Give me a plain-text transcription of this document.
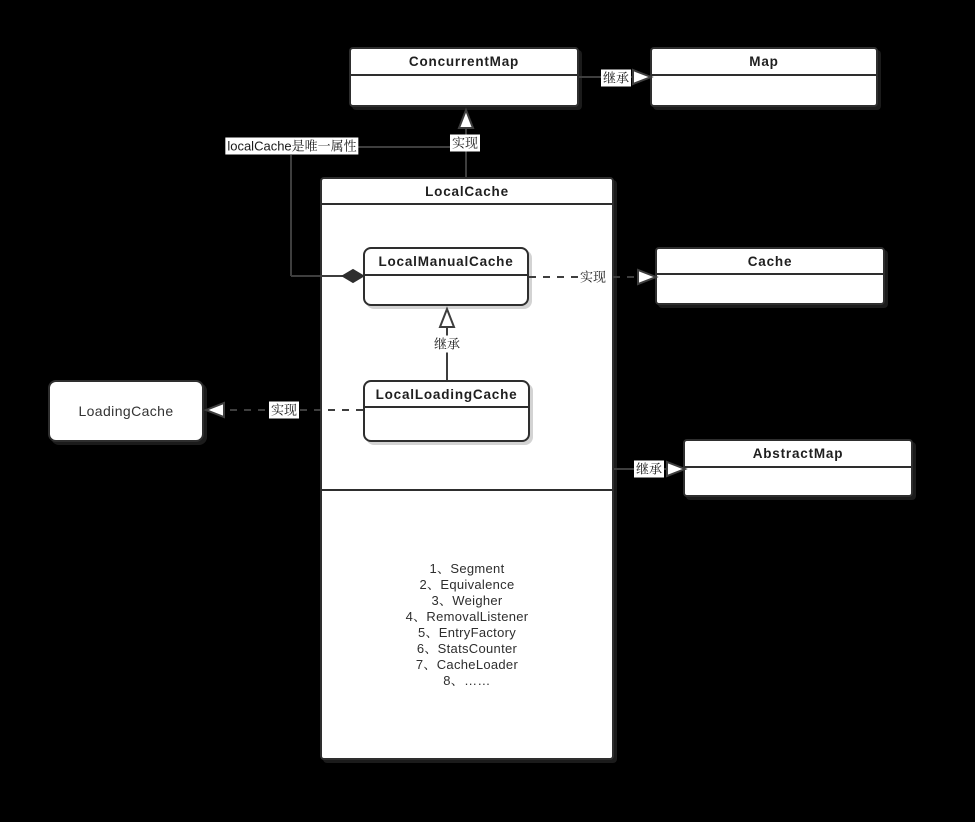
ConcurrentMap	Map
LocalCache
1、Segment
2、Equivalence
3、Weigher
4、RemovalListener
5、EntryFactory
6、StatsCounter
7、CacheLoader
8、……
LocalManualCache
LocalLoadingCache
LoadingCache
Cache
AbstractMap
继承
实现
localCache是唯一属性
实现
继承
实现
继承
